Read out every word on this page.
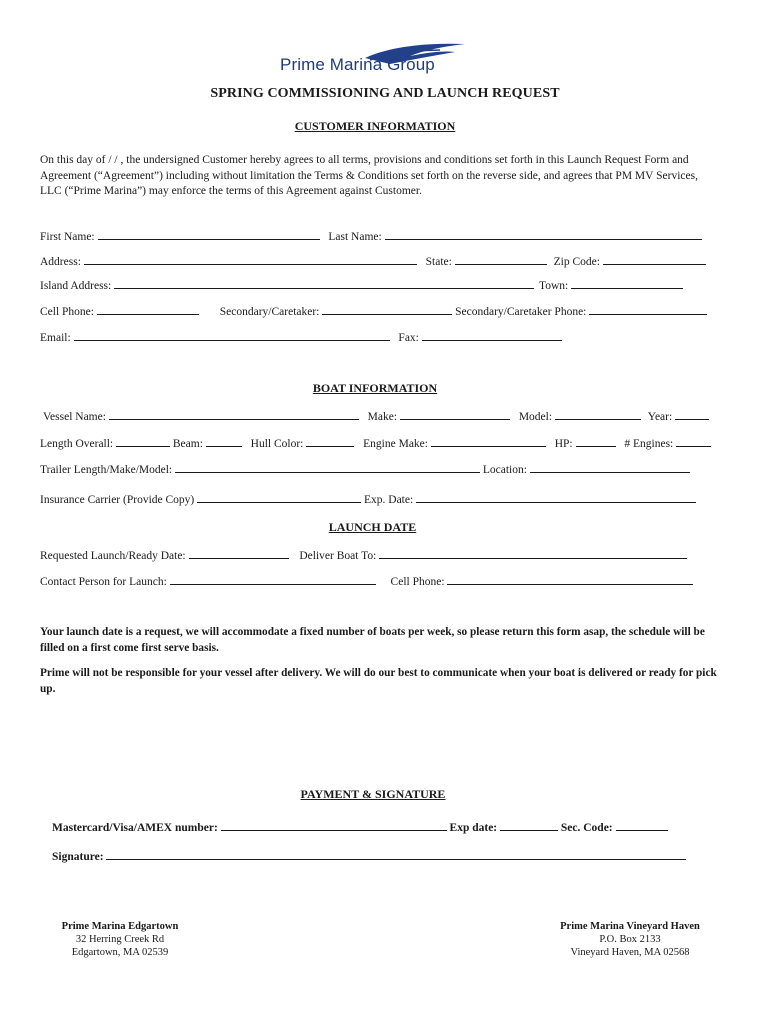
Prime Marina Group
SPRING COMMISSIONING AND LAUNCH REQUEST
CUSTOMER INFORMATION
On this day of / / , the undersigned Customer hereby agrees to all terms, provisions and conditions set forth in this Launch Request Form and Agreement (“Agreement”) including without limitation the Terms & Conditions set forth on the reverse side, and agrees that PM MV Services, LLC (“Prime Marina”) may enforce the terms of this Agreement against Customer.
First Name:	Last Name:
Address:	State:	Zip Code:
Island Address:	Town:
Cell Phone:	Secondary/Caretaker:	Secondary/Caretaker Phone:
Email:	Fax:
BOAT INFORMATION
Vessel Name:	Make:	Model:	Year:
Length Overall:	Beam:	Hull Color:	Engine Make:	HP:	# Engines:
Trailer Length/Make/Model:	Location:
Insurance Carrier (Provide Copy)	Exp. Date:
LAUNCH DATE
Requested Launch/Ready Date:	Deliver Boat To:
Contact Person for Launch:	Cell Phone:
Your launch date is a request, we will accommodate a fixed number of boats per week, so please return this form asap, the schedule will be filled on a first come first serve basis.
Prime will not be responsible for your vessel after delivery. We will do our best to communicate when your boat is delivered or ready for pick up.
PAYMENT & SIGNATURE
Mastercard/Visa/AMEX number:	Exp date:	Sec. Code:
Signature:
Prime Marina Edgartown
32 Herring Creek Rd
Edgartown, MA 02539
Prime Marina Vineyard Haven
P.O. Box 2133
Vineyard Haven, MA 02568
